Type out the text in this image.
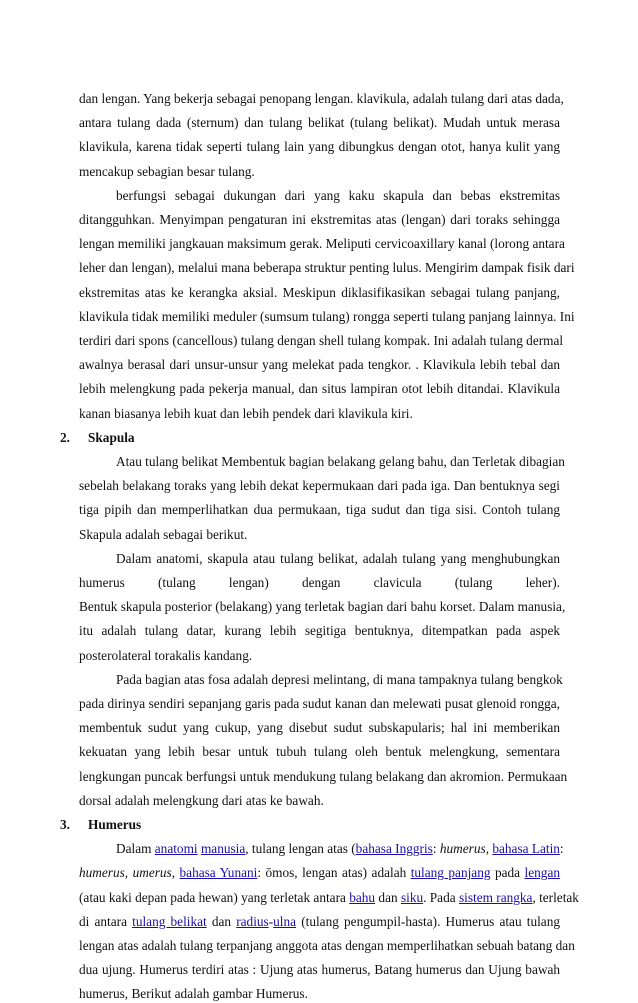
dan lengan. Yang bekerja sebagai penopang lengan. klavikula, adalah tulang dari atas dada,
antara tulang dada (sternum) dan tulang belikat (tulang belikat). Mudah untuk merasa
klavikula, karena tidak seperti tulang lain yang dibungkus dengan otot, hanya kulit yang
mencakup sebagian besar tulang.
berfungsi sebagai dukungan dari yang kaku skapula dan bebas ekstremitas
ditangguhkan. Menyimpan pengaturan ini ekstremitas atas (lengan) dari toraks sehingga
lengan memiliki jangkauan maksimum gerak. Meliputi cervicoaxillary kanal (lorong antara
leher dan lengan), melalui mana beberapa struktur penting lulus. Mengirim dampak fisik dari
ekstremitas atas ke kerangka aksial. Meskipun diklasifikasikan sebagai tulang panjang,
klavikula tidak memiliki meduler (sumsum tulang) rongga seperti tulang panjang lainnya. Ini
terdiri dari spons (cancellous) tulang dengan shell tulang kompak. Ini adalah tulang dermal
awalnya berasal dari unsur-unsur yang melekat pada tengkor. . Klavikula lebih tebal dan
lebih melengkung pada pekerja manual, dan situs lampiran otot lebih ditandai. Klavikula
kanan biasanya lebih kuat dan lebih pendek dari klavikula kiri.
2. Skapula
Atau tulang belikat Membentuk bagian belakang gelang bahu, dan Terletak dibagian
sebelah belakang toraks yang lebih dekat kepermukaan dari pada iga. Dan bentuknya segi
tiga pipih dan memperlihatkan dua permukaan, tiga sudut dan tiga sisi. Contoh tulang
Skapula adalah sebagai berikut.
Dalam anatomi, skapula atau tulang belikat, adalah tulang yang menghubungkan
humerus (tulang lengan) dengan clavicula (tulang leher).
Bentuk skapula posterior (belakang) yang terletak bagian dari bahu korset. Dalam manusia,
itu adalah tulang datar, kurang lebih segitiga bentuknya, ditempatkan pada aspek
posterolateral torakalis kandang.
Pada bagian atas fosa adalah depresi melintang, di mana tampaknya tulang bengkok
pada dirinya sendiri sepanjang garis pada sudut kanan dan melewati pusat glenoid rongga,
membentuk sudut yang cukup, yang disebut sudut subskapularis; hal ini memberikan
kekuatan yang lebih besar untuk tubuh tulang oleh bentuk melengkung, sementara
lengkungan puncak berfungsi untuk mendukung tulang belakang dan akromion. Permukaan
dorsal adalah melengkung dari atas ke bawah.
3. Humerus
Dalam anatomi manusia, tulang lengan atas (bahasa Inggris: humerus, bahasa Latin:
humerus, umerus, bahasa Yunani: ōmos, lengan atas) adalah tulang panjang pada lengan
(atau kaki depan pada hewan) yang terletak antara bahu dan siku. Pada sistem rangka, terletak
di antara tulang belikat dan radius-ulna (tulang pengumpil-hasta). Humerus atau tulang
lengan atas adalah tulang terpanjang anggota atas dengan memperlihatkan sebuah batang dan
dua ujung. Humerus terdiri atas : Ujung atas humerus, Batang humerus dan Ujung bawah
humerus, Berikut adalah gambar Humerus.
